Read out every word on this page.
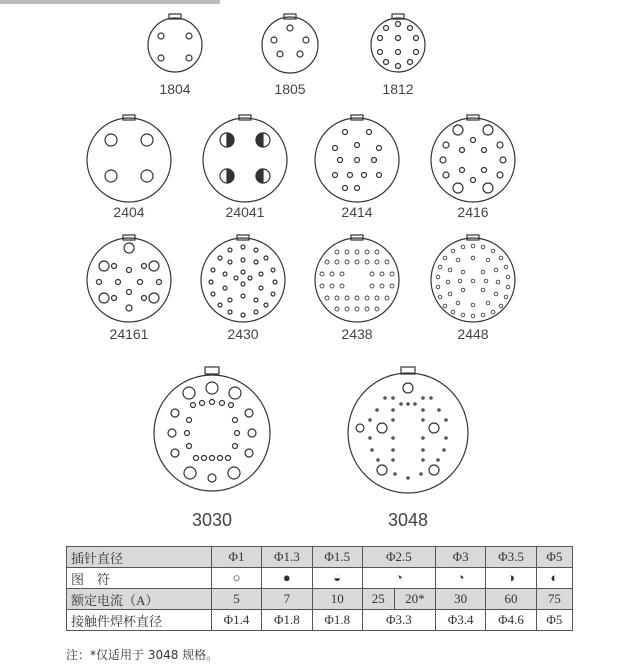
1804	1805	1812
2404	24041	2414	2416
24161	2430	2438	2448
3030	3048
插针直径	Φ1	Φ1.3	Φ1.5	Φ2.5		Φ3	Φ3.5	Φ5
图　符	○	●	◒	◔		◔	◑	◐
额定电流（A）	5	7	10	25	20*	30	60	75
接触件焊杯直径	Φ1.4	Φ1.8	Φ1.8	Φ3.3		Φ3.4	Φ4.6	Φ5
注：*仅适用于 3048 规格。
